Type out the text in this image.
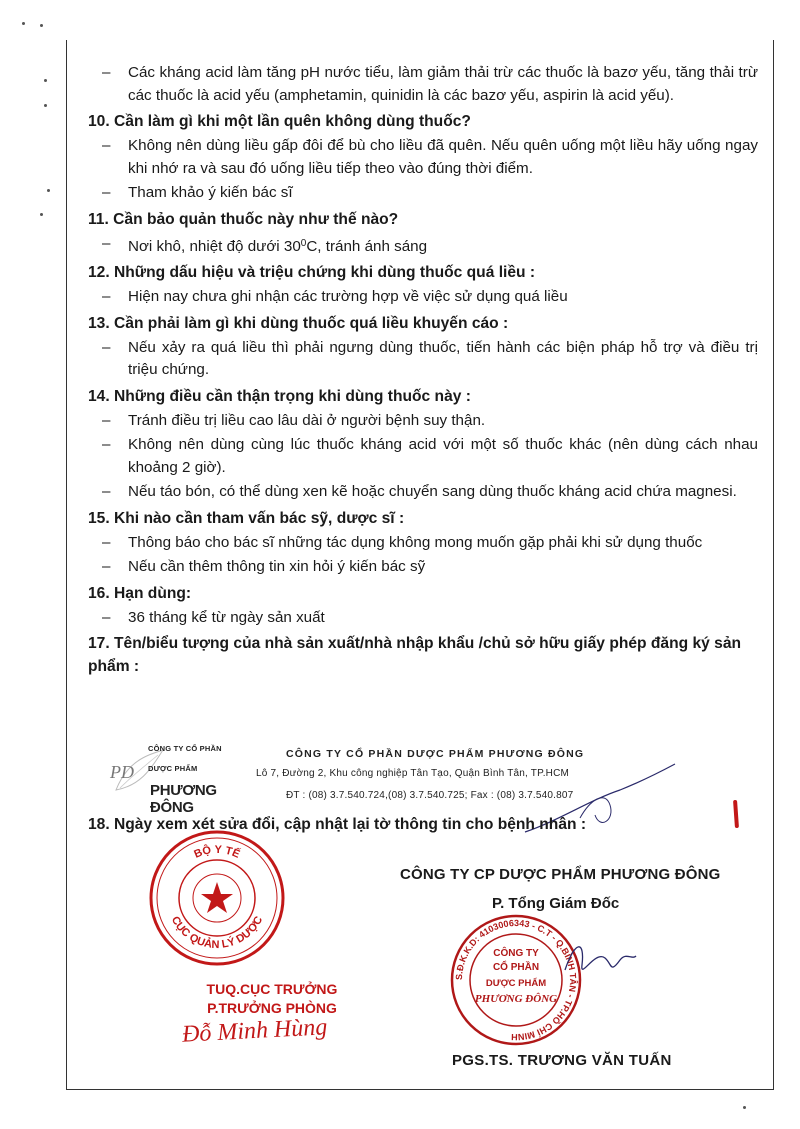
–	Các kháng acid làm tăng pH nước tiểu, làm giảm thải trừ các thuốc là bazơ yếu, tăng thải trừ các thuốc là acid yếu (amphetamin, quinidin là các bazơ yếu, aspirin là acid yếu).
10. Cần làm gì khi một lần quên không dùng thuốc?
–	Không nên dùng liều gấp đôi để bù cho liều đã quên. Nếu quên uống một liều hãy uống ngay khi nhớ ra và sau đó uống liều tiếp theo vào đúng thời điểm.
–	Tham khảo ý kiến bác sĩ
11. Cần bảo quản thuốc này như thế nào?
–	Nơi khô, nhiệt độ dưới $30^0C$, tránh ánh sáng
12. Những dấu hiệu và triệu chứng khi dùng thuốc quá liều :
–	Hiện nay chưa ghi nhận các trường hợp về việc sử dụng quá liều
13. Cần phải làm gì khi dùng thuốc quá liều khuyến cáo :
–	Nếu xảy ra quá liều thì phải ngưng dùng thuốc, tiến hành các biện pháp hỗ trợ và điều trị triệu chứng.
14. Những điều cần thận trọng khi dùng thuốc này :
–	Tránh điều trị liều cao lâu dài ở người bệnh suy thận.
–	Không nên dùng cùng lúc thuốc kháng acid với một số thuốc khác (nên dùng cách nhau khoảng 2 giờ).
–	Nếu táo bón, có thể dùng xen kẽ hoặc chuyển sang dùng thuốc kháng acid chứa magnesi.
15. Khi nào cần tham vấn bác sỹ, dược sĩ :
–	Thông báo cho bác sĩ những tác dụng không mong muốn gặp phải khi sử dụng thuốc
–	Nếu cần thêm thông tin xin hỏi ý kiến bác sỹ
16. Hạn dùng:
–	36 tháng kể từ ngày sản xuất
17. Tên/biểu tượng của nhà sản xuất/nhà nhập khẩu /chủ sở hữu giấy phép đăng ký sản phẩm :
PD
CÔNG TY CỔ PHẦN
DƯỢC PHẨM
PHƯƠNG ĐÔNG
CÔNG TY CỔ PHẦN DƯỢC PHẨM PHƯƠNG ĐÔNG
Lô 7, Đường 2, Khu công nghiệp Tân Tạo, Quận Bình Tân, TP.HCM
ĐT : (08) 3.7.540.724,(08) 3.7.540.725; Fax : (08) 3.7.540.807
18. Ngày xem xét sửa đổi, cập nhật lại tờ thông tin cho bệnh nhân :
BỘ Y TẾ
CỤC QUẢN LÝ DƯỢC
TUQ.CỤC TRƯỞNG
P.TRƯỞNG PHÒNG
Đỗ Minh Hùng
CÔNG TY CP DƯỢC PHẨM PHƯƠNG ĐÔNG
P. Tổng Giám Đốc
S.Đ.K.K.D: 4103006343 - C.T - Q.BÌNH TÂN - TP.HỒ CHÍ MINH
CÔNG TY
CỔ PHẦN
DƯỢC PHẨM
PHƯƠNG ĐÔNG
PGS.TS. TRƯƠNG VĂN TUẤN
